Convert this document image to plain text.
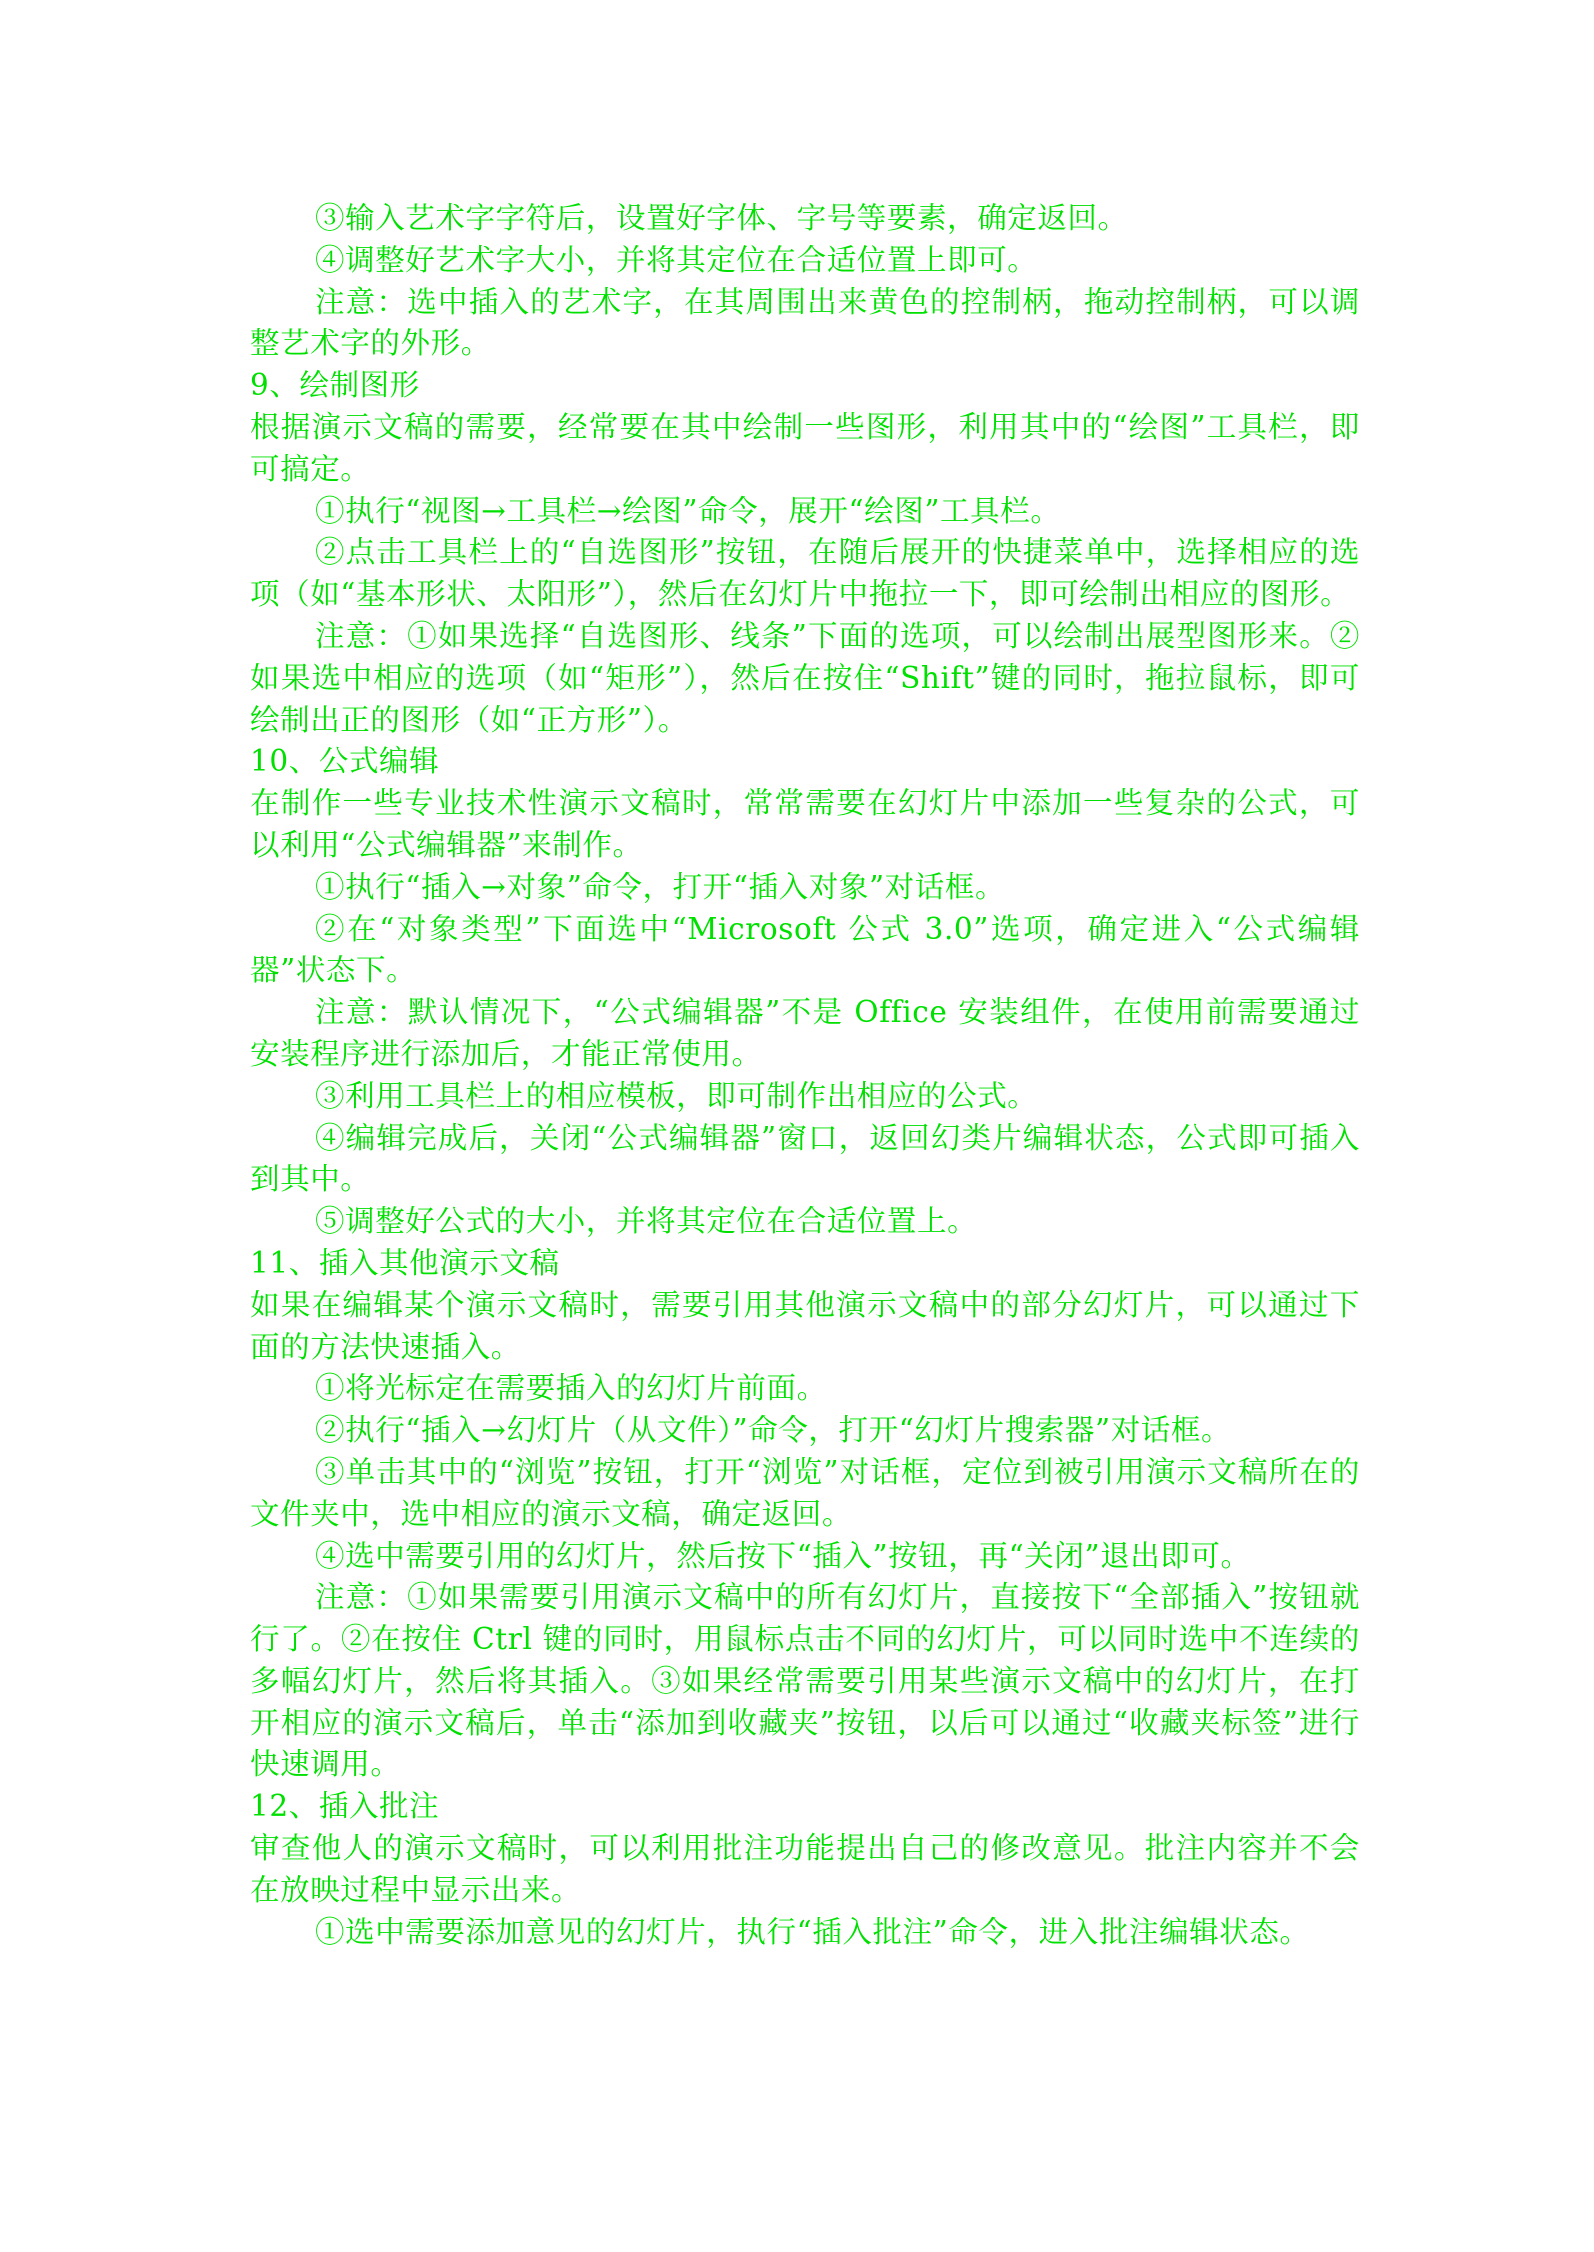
③输入艺术字字符后，设置好字体、字号等要素，确定返回。

④调整好艺术字大小，并将其定位在合适位置上即可。

注意：选中插入的艺术字，在其周围出来黄色的控制柄，拖动控制柄，可以调整艺术字的外形。

9、绘制图形

根据演示文稿的需要，经常要在其中绘制一些图形，利用其中的“绘图”工具栏，即可搞定。

①执行“视图→工具栏→绘图”命令，展开“绘图”工具栏。

②点击工具栏上的“自选图形”按钮，在随后展开的快捷菜单中，选择相应的选项（如“基本形状、太阳形”），然后在幻灯片中拖拉一下，即可绘制出相应的图形。

注意：①如果选择“自选图形、线条”下面的选项，可以绘制出展型图形来。②如果选中相应的选项（如“矩形”），然后在按住“Shift”键的同时，拖拉鼠标，即可绘制出正的图形（如“正方形”）。

10、公式编辑

在制作一些专业技术性演示文稿时，常常需要在幻灯片中添加一些复杂的公式，可以利用“公式编辑器”来制作。

①执行“插入→对象”命令，打开“插入对象”对话框。

②在“对象类型”下面选中“Microsoft 公式 3.0”选项，确定进入“公式编辑器”状态下。

注意：默认情况下，“公式编辑器”不是 Office 安装组件，在使用前需要通过安装程序进行添加后，才能正常使用。

③利用工具栏上的相应模板，即可制作出相应的公式。

④编辑完成后，关闭“公式编辑器”窗口，返回幻类片编辑状态，公式即可插入到其中。

⑤调整好公式的大小，并将其定位在合适位置上。

11、插入其他演示文稿

如果在编辑某个演示文稿时，需要引用其他演示文稿中的部分幻灯片，可以通过下面的方法快速插入。

①将光标定在需要插入的幻灯片前面。

②执行“插入→幻灯片（从文件）”命令，打开“幻灯片搜索器”对话框。

③单击其中的“浏览”按钮，打开“浏览”对话框，定位到被引用演示文稿所在的文件夹中，选中相应的演示文稿，确定返回。

④选中需要引用的幻灯片，然后按下“插入”按钮，再“关闭”退出即可。

注意：①如果需要引用演示文稿中的所有幻灯片，直接按下“全部插入”按钮就行了。②在按住 Ctrl 键的同时，用鼠标点击不同的幻灯片，可以同时选中不连续的多幅幻灯片，然后将其插入。③如果经常需要引用某些演示文稿中的幻灯片，在打开相应的演示文稿后，单击“添加到收藏夹”按钮，以后可以通过“收藏夹标签”进行快速调用。

12、插入批注

审查他人的演示文稿时，可以利用批注功能提出自己的修改意见。批注内容并不会在放映过程中显示出来。

①选中需要添加意见的幻灯片，执行“插入批注”命令，进入批注编辑状态。
